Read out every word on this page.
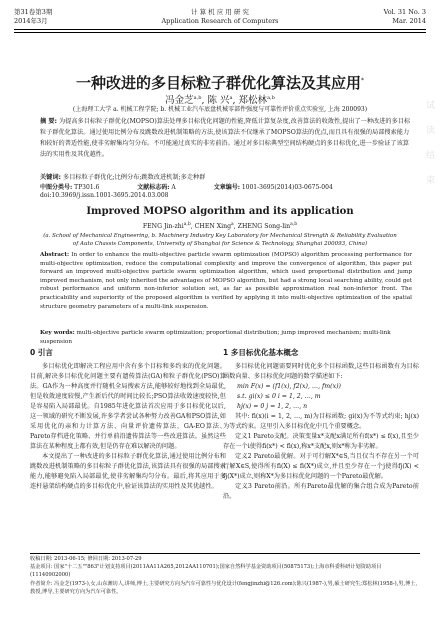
第31卷第3期
2014年3月
计 算 机 应 用 研 究
Application Research of Computers
Vol. 31 No. 3
Mar. 2014
一种改进的多目标粒子群优化算法及其应用*
冯金芝$^{a,b}$, 陈 兴$^a$, 郑松林$^{a,b}$
(上海理工大学 a. 机械工程学院; b. 机械工业汽车底盘机械零部件强度与可靠性评价重点实验室, 上海 200093)
摘 要: 为提高多目标粒子群优化(MOPSO)算法处理多目标优化问题的性能,降低计算复杂度,改善算法的收敛性,提出了一种改进的多目标粒子群优化算法。通过使用比例分布及跳数改进机制策略的方法,使该算法不仅继承了MOPSO算法的优点,而且具有很强的局部搜索能力和较好的普适性能,使非劣解集均匀分布。不可能通过真实的非劣前沿。通过对多目标典型空间结构硬点的多目标优化,进一步验证了该算法的实用性及其优越性。
关键词: 多目标粒子群优化;比例分布;跳数改进机制;多走种群
中图分类号: TP301.6	文献标志码: A	文章编号: 1001-3695(2014)03-0675-004
doi:10.3969/j.issn.1001-3695.2014.03.008
Improved MOPSO algorithm and its application
FENG Jin-zhi$^{a,b}$, CHEN Xing$^a$, ZHENG Song-lin$^{a,b}$
(a. School of Mechanical Engineering, b. Machinery Industry Key Laboratory for Mechanical Strength & Reliability Evaluation of Auto Chassis Components, University of Shanghai for Science & Technology, Shanghai 200093, China)
Abstract: In order to enhance the multi-objective particle swarm optimization (MOPSO) algorithm processing performance for multi-objective optimization, reduce the computational complexity and improve the convergence of algorithm, this paper put forward an improved multi-objective particle swarm optimization algorithm, which used proportional distribution and jump improved mechanism, not only inherited the advantages of MOPSO algorithm, but had a strong local searching ability, could get robust performance and uniform non-inferior solution set, as far as possible approximation real non-inferior front. The practicability and superiority of the proposed algorithm is verified by applying it into multi-objective optimization of the spatial structure geometry parameters of a multi-link suspension.
Key words: multi-objective particle swarm optimization; proportional distribution; jump improved mechanism; multi-link suspension
0 引言

多目标优化即解决工程应用中含有多个目标和多约束的优化问题。目前,解决多目标优化问题主要有遗传算法(GA)和粒子群优化(PSO)算法。GA作为一种高度并行随机全局搜索方法,能够较好地找到全局最优,但是收敛速度较慢,产生新后代的时间比较长;PSO算法收敛速度较快,但是容易陷入局部最优。自1985年进化算法首次应用于多目标优化以后,这一领域的研究不断发展,许多学者尝试各种努力改善GA和PSO算法,如采用优化的亲和力计算方法、向量评价遗传算法、GA-EO算法、Pareto存档进化策略、并行单前沿遗传算法等一些改进算法。虽然这些算法在某种程度上都有效,但是仍存在难以解决的问题。

本文提出了一种改进的多目标粒子群优化算法,通过使用比例分布和跳数改进机制策略的多目标粒子群优化算法,该算法具有很强的局部搜索能力,能够避免陷入局部最优,使非劣解集均匀分布。最后,将其应用于多连杆悬架结构硬点的多目标优化中,验证该算法的实用性及其优越性。

1 多目标优化基本概念

多目标优化问题需要同时优化多个目标函数,这些目标函数有为目标函数向量、多目标优化问题的数学描述如下:

min F(x) = (f1(x), f2(x), …, fm(x))
s.t. gi(x) ≤ 0 i = 1, 2, …, m
hj(x) = 0 j = 1, 2, …, n

其中: fi(x)(i = 1, 2, …, m)为目标函数; gi(x)为不等式约束; hj(x)为等式约束。这里引入多目标优化中几个重要概念。

定义1 Pareto支配。决策变量x*支配x满足所有f(x*) ≤ f(x),且至少存在一个i使得fi(x*) < fi(x),称x*支配x,则x*称为非劣解。

定义2 Pareto最优解。对于可行解X*∈S,当且仅当不存在另一个可行解X∈S,使得所有fi(X) ≤ fi(X*)成立,并且至少存在一个j使得fj(X) < fj(X*)成立,则称X*为多目标优化问题的一个Pareto最优解。

定义3 Pareto前沿。所有Pareto最优解的集合组合成为Pareto前沿。

收稿日期: 2013-06-15; 修回日期: 2013-07-29
基金项目: 国家"十二五""863"计划支持项目(2011AA11A265,2012AA110701);国家自然科学基金资助项目(50875173);上海市科委科研计划资助项目(11140902000)
作者简介: 冯金芝(1973-),女,山东潍坊人,讲师,博士,主要研究方向为汽车可靠性与优化设计(fengjinzhi@126.com);陈兴(1987-),男,硕士研究生;郑松林(1958-),男,博士,教授,博导,主要研究方向为汽车可靠性。
试读结束
